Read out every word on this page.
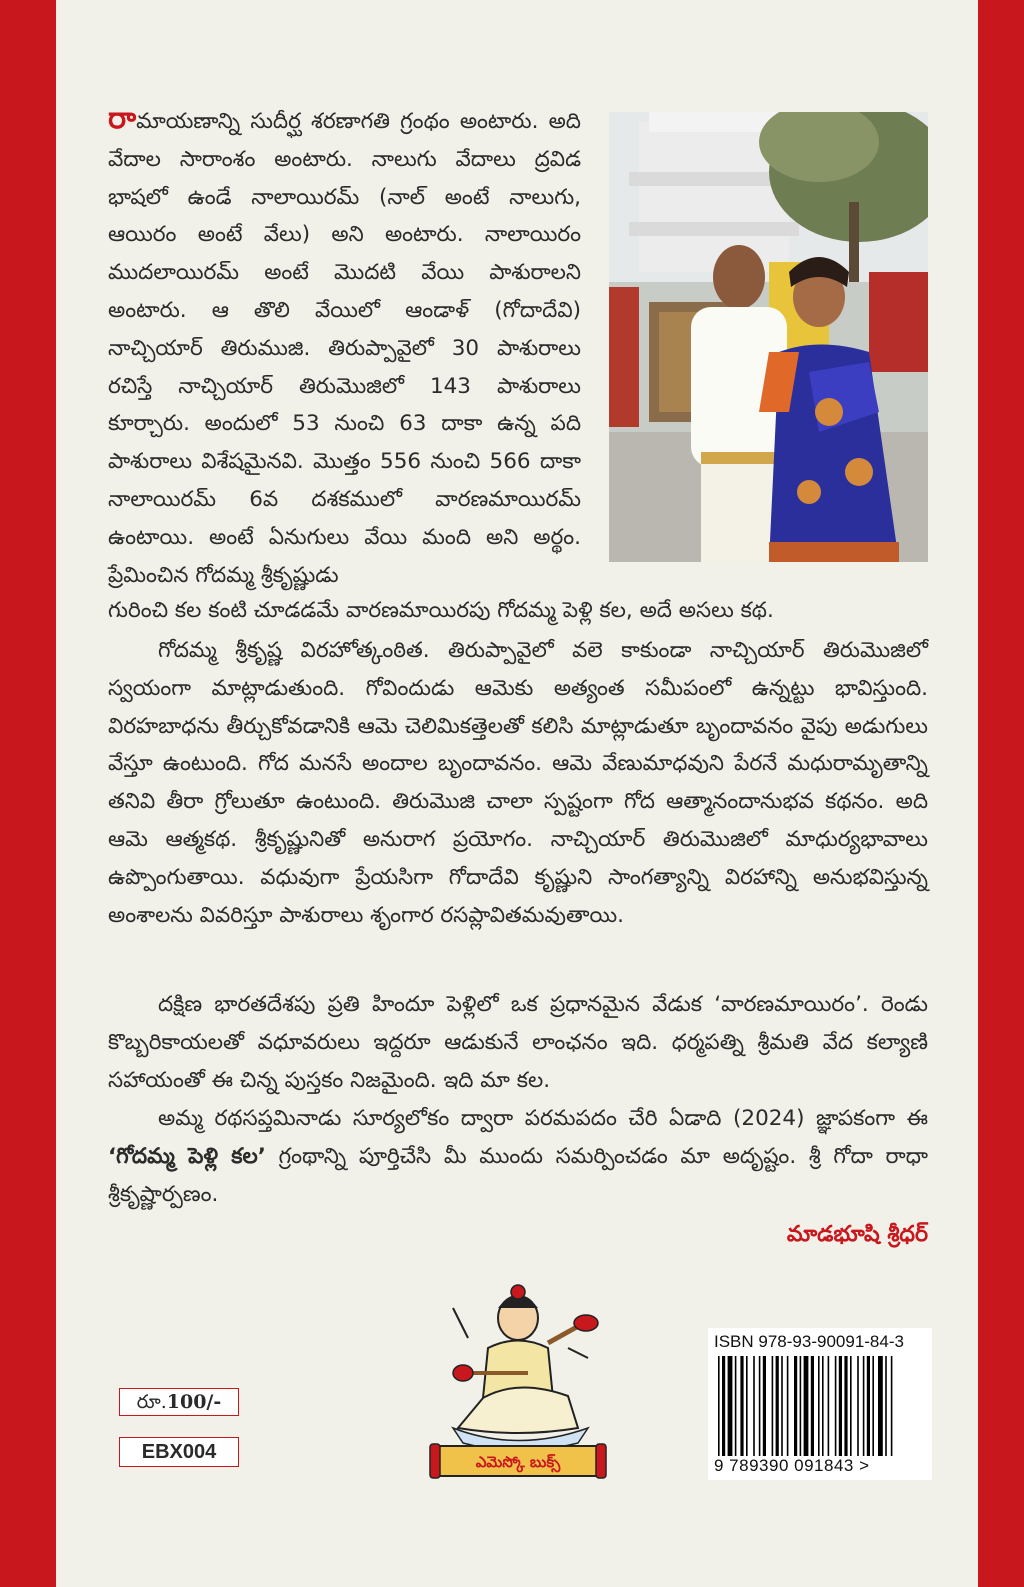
రామాయణాన్ని సుదీర్ఘ శరణాగతి గ్రంథం అంటారు. అది వేదాల సారాంశం అంటారు. నాలుగు వేదాలు ద్రవిడ భాషలో ఉండే నాలాయిరమ్ (నాల్ అంటే నాలుగు, ఆయిరం అంటే వేలు) అని అంటారు. నాలాయిరం ముదలాయిరమ్ అంటే మొదటి వేయి పాశురాలని అంటారు. ఆ తొలి వేయిలో ఆండాళ్ (గోదాదేవి) నాచ్చియార్ తిరుముజి. తిరుప్పావైలో 30 పాశురాలు రచిస్తే నాచ్చియార్ తిరుమొజిలో 143 పాశురాలు కూర్చారు. అందులో 53 నుంచి 63 దాకా ఉన్న పది పాశురాలు విశేషమైనవి. మొత్తం 556 నుంచి 566 దాకా నాలాయిరమ్ 6వ దశకములో వారణమాయిరమ్ ఉంటాయి. అంటే ఏనుగులు వేయి మంది అని అర్థం. ప్రేమించిన గోదమ్మ శ్రీకృష్ణుడు
గురించి కల కంటి చూడడమే వారణమాయిరపు గోదమ్మ పెళ్లి కల, అదే అసలు కథ.
గోదమ్మ శ్రీకృష్ణ విరహోత్కంఠిత. తిరుప్పావైలో వలె కాకుండా నాచ్చియార్ తిరుమొజిలో స్వయంగా మాట్లాడుతుంది. గోవిందుడు ఆమెకు అత్యంత సమీపంలో ఉన్నట్టు భావిస్తుంది. విరహబాధను తీర్చుకోవడానికి ఆమె చెలిమికత్తెలతో కలిసి మాట్లాడుతూ బృందావనం వైపు అడుగులు వేస్తూ ఉంటుంది. గోద మనసే అందాల బృందావనం. ఆమె వేణుమాధవుని పేరనే మధురామృతాన్ని తనివి తీరా గ్రోలుతూ ఉంటుంది. తిరుమొజి చాలా స్పష్టంగా గోద ఆత్మానందానుభవ కథనం. అది ఆమె ఆత్మకథ. శ్రీకృష్ణునితో అనురాగ ప్రయోగం. నాచ్చియార్ తిరుమొజిలో మాధుర్యభావాలు ఉప్పొంగుతాయి. వధువుగా ప్రేయసిగా గోదాదేవి కృష్ణుని సాంగత్యాన్ని విరహాన్ని అనుభవిస్తున్న అంశాలను వివరిస్తూ పాశురాలు శృంగార రసప్లావితమవుతాయి.
దక్షిణ భారతదేశపు ప్రతి హిందూ పెళ్లిలో ఒక ప్రధానమైన వేడుక ‘వారణమాయిరం’. రెండు కొబ్బరికాయలతో వధూవరులు ఇద్దరూ ఆడుకునే లాంఛనం ఇది. ధర్మపత్ని శ్రీమతి వేద కల్యాణి సహాయంతో ఈ చిన్న పుస్తకం నిజమైంది. ఇది మా కల.
అమ్మ రథసప్తమినాడు సూర్యలోకం ద్వారా పరమపదం చేరి ఏడాది (2024) జ్ఞాపకంగా ఈ ‘గోదమ్మ పెళ్లి కల’ గ్రంథాన్ని పూర్తిచేసి మీ ముందు సమర్పించడం మా అదృష్టం. శ్రీ గోదా రాధా శ్రీకృష్ణార్పణం.
మాడభూషి శ్రీధర్
ఎమెస్కో బుక్స్
రూ.100/-
EBX004
ISBN 978-93-90091-84-3
9 789390 091843 >
